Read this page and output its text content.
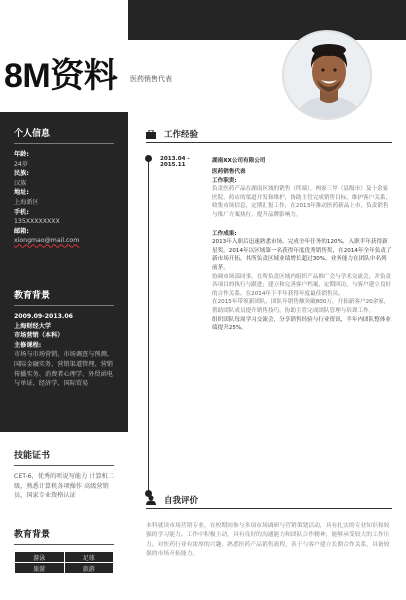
个人信息
年龄:
24岁
民族:
汉族
地址:
上海新区
手机:
135XXXXXXXX
邮箱:
xiongmao@mail.com
教育背景
2009.09-2013.06
上海财经大学
市场营销（本科）
主修课程:
市场与市场营销、市场调查与预测、国际金融实务、营销渠道管理、营销传播实务、消费者心理学、外贸函电与单证、经济学、国际贸易
技能证书
CET-6，优秀的听说写能力 计算机二级，熟悉计算机各项操作 高级营销员，国家专业资格认证
教育背景
游泳	足球
旅游	旅游
8M资料 医药销售代表
工作经验
2013.04 - 2015.11
湖南XX公司有限公司
医药销售代表
工作职责:
负责医药产品在湖南区域的销售（终端），两家三甲（县级市）及十余家医院、药店的渠道开发和维护，协助主管完成销售目标，维护客户关系，收集市场信息，定期汇报工作，在2013年推动医药新品上市，负责销售与推广方案执行，提升品牌影响力。
工作成果:
2013年入职后迅速熟悉市场，完成全年任务的120%，入职半年获得新星奖。2014年以区域第一名获得年度优秀销售奖，在2014年全年负责了新市场开拓，其所负责区域业绩增长超过30%，业务能力在团队中名列前茅。
协调市场部同事，在所负责区域内组织产品推广会与学术交流会，并负责各项目的执行与跟进；建立和完善客户档案，定期回访，与客户建立良好的合作关系。在2014年下半年获得年度最佳销售员。
在2015年带领新团队，团队年销售额突破800万，开拓新客户20余家，帮助团队成员提升销售技巧，协助主管完成团队管理与培训工作。
组织团队每周学习交流会，分享销售经验与行业资讯，半年内团队整体业绩提升25%。
自我评价
本科就读市场营销专业，在校期间参与多项市场调研与营销策划活动，具有扎实的专业知识和较强的学习能力。工作中积极主动，具有良好的沟通能力和团队合作精神，能够承受较大的工作压力。对医药行业有浓厚的兴趣，熟悉医药产品销售流程，善于与客户建立长期合作关系，具备较强的市场开拓能力。
